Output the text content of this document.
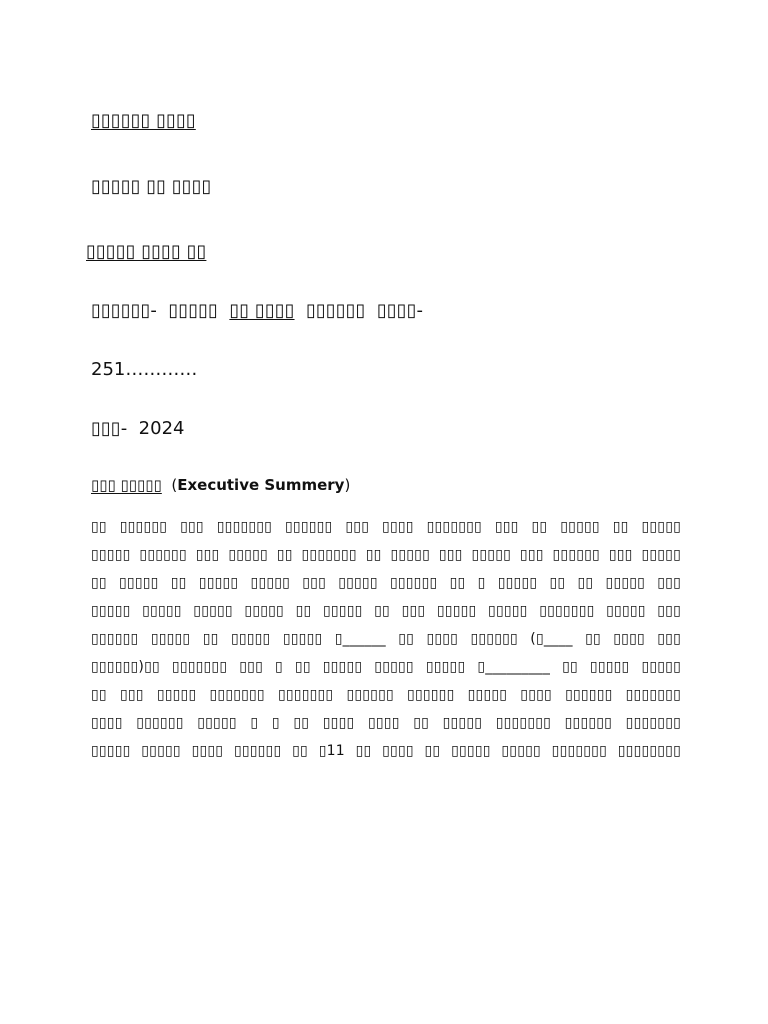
▯▯▯▯▯▯ ▯▯▯▯
▯▯▯▯▯ ▯▯ ▯▯▯▯
▯▯▯▯▯ ▯▯▯▯ ▯▯
▯▯▯▯▯▯- ▯▯▯▯▯ ▯▯ ▯▯▯▯ ▯▯▯▯▯▯ ▯▯▯▯-
251…………
▯▯▯- 2024
▯▯▯ ▯▯▯▯▯ (Executive Summery)
▯▯ ▯▯▯▯▯▯ ▯▯▯ ▯▯▯▯▯▯▯ ▯▯▯▯▯▯ ▯▯▯ ▯▯▯▯ ▯▯▯▯▯▯▯ ▯▯▯ ▯▯ ▯▯▯▯▯ ▯▯ ▯▯▯▯▯
▯▯▯▯▯ ▯▯▯▯▯▯ ▯▯▯ ▯▯▯▯▯ ▯▯ ▯▯▯▯▯▯▯ ▯▯ ▯▯▯▯▯ ▯▯▯ ▯▯▯▯▯ ▯▯▯ ▯▯▯▯▯▯ ▯▯▯ ▯▯▯▯▯
▯▯ ▯▯▯▯▯ ▯▯ ▯▯▯▯▯ ▯▯▯▯▯ ▯▯▯ ▯▯▯▯▯ ▯▯▯▯▯▯ ▯▯ ▯ ▯▯▯▯▯ ▯▯ ▯▯ ▯▯▯▯▯ ▯▯▯
▯▯▯▯▯ ▯▯▯▯▯ ▯▯▯▯▯ ▯▯▯▯▯ ▯▯ ▯▯▯▯▯ ▯▯ ▯▯▯ ▯▯▯▯▯ ▯▯▯▯▯ ▯▯▯▯▯▯▯ ▯▯▯▯▯ ▯▯▯
▯▯▯▯▯▯ ▯▯▯▯▯ ▯▯ ▯▯▯▯▯ ▯▯▯▯▯ ▯______ ▯▯ ▯▯▯▯ ▯▯▯▯▯▯ (▯____ ▯▯ ▯▯▯▯ ▯▯▯
▯▯▯▯▯▯)▯▯ ▯▯▯▯▯▯▯ ▯▯▯ ▯ ▯▯ ▯▯▯▯▯ ▯▯▯▯▯ ▯▯▯▯▯ ▯_________ ▯▯ ▯▯▯▯▯ ▯▯▯▯▯
▯▯ ▯▯▯ ▯▯▯▯▯ ▯▯▯▯▯▯▯ ▯▯▯▯▯▯▯ ▯▯▯▯▯▯ ▯▯▯▯▯▯ ▯▯▯▯▯ ▯▯▯▯ ▯▯▯▯▯▯ ▯▯▯▯▯▯▯
▯▯▯▯ ▯▯▯▯▯▯ ▯▯▯▯▯ ▯ ▯ ▯▯ ▯▯▯▯ ▯▯▯▯ ▯▯ ▯▯▯▯▯ ▯▯▯▯▯▯▯ ▯▯▯▯▯▯ ▯▯▯▯▯▯▯
▯▯▯▯▯ ▯▯▯▯▯ ▯▯▯▯ ▯▯▯▯▯▯ ▯▯ ▯11 ▯▯ ▯▯▯▯ ▯▯ ▯▯▯▯▯ ▯▯▯▯▯ ▯▯▯▯▯▯▯ ▯▯▯▯▯▯▯▯
